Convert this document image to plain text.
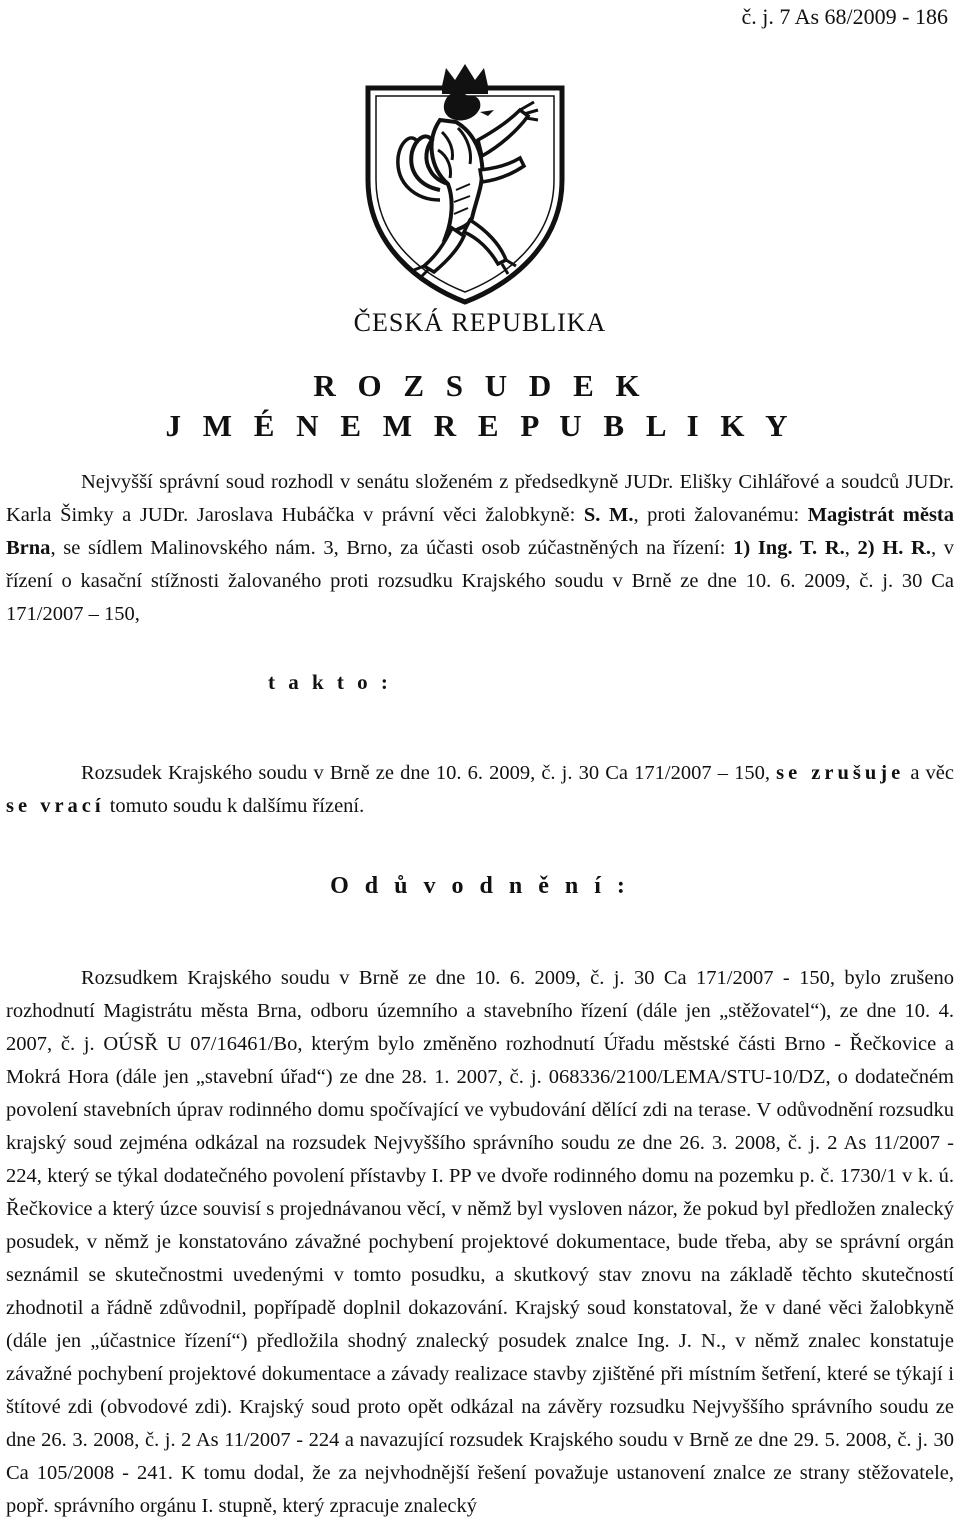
č. j. 7 As 68/2009 - 186
ČESKÁ REPUBLIKA
R O Z S U D E K
J M É N E M R E P U B L I K Y
Nejvyšší správní soud rozhodl v senátu složeném z předsedkyně JUDr. Elišky Cihlářové a soudců JUDr. Karla Šimky a JUDr. Jaroslava Hubáčka v právní věci žalobkyně: S. M., proti žalovanému: Magistrát města Brna, se sídlem Malinovského nám. 3, Brno, za účasti osob zúčastněných na řízení: 1) Ing. T. R., 2) H. R., v řízení o kasační stížnosti žalovaného proti rozsudku Krajského soudu v Brně ze dne 10. 6. 2009, č. j. 30 Ca 171/2007 – 150,
t a k t o :
Rozsudek Krajského soudu v Brně ze dne 10. 6. 2009, č. j. 30 Ca 171/2007 – 150, se zrušuje a věc se vrací tomuto soudu k dalšímu řízení.
O d ů v o d n ě n í :
Rozsudkem Krajského soudu v Brně ze dne 10. 6. 2009, č. j. 30 Ca 171/2007 - 150, bylo zrušeno rozhodnutí Magistrátu města Brna, odboru územního a stavebního řízení (dále jen „stěžovatel“), ze dne 10. 4. 2007, č. j. OÚSŘ U 07/16461/Bo, kterým bylo změněno rozhodnutí Úřadu městské části Brno - Řečkovice a Mokrá Hora (dále jen „stavební úřad“) ze dne 28. 1. 2007, č. j. 068336/2100/LEMA/STU-10/DZ, o dodatečném povolení stavebních úprav rodinného domu spočívající ve vybudování dělící zdi na terase. V odůvodnění rozsudku krajský soud zejména odkázal na rozsudek Nejvyššího správního soudu ze dne 26. 3. 2008, č. j. 2 As 11/2007 - 224, který se týkal dodatečného povolení přístavby I. PP ve dvoře rodinného domu na pozemku p. č. 1730/1 v k. ú. Řečkovice a který úzce souvisí s projednávanou věcí, v němž byl vysloven názor, že pokud byl předložen znalecký posudek, v němž je konstatováno závažné pochybení projektové dokumentace, bude třeba, aby se správní orgán seznámil se skutečnostmi uvedenými v tomto posudku, a skutkový stav znovu na základě těchto skutečností zhodnotil a řádně zdůvodnil, popřípadě doplnil dokazování. Krajský soud konstatoval, že v dané věci žalobkyně (dále jen „účastnice řízení“) předložila shodný znalecký posudek znalce Ing. J. N., v němž znalec konstatuje závažné pochybení projektové dokumentace a závady realizace stavby zjištěné při místním šetření, které se týkají i štítové zdi (obvodové zdi). Krajský soud proto opět odkázal na závěry rozsudku Nejvyššího správního soudu ze dne 26. 3. 2008, č. j. 2 As 11/2007 - 224 a navazující rozsudek Krajského soudu v Brně ze dne 29. 5. 2008, č. j. 30 Ca 105/2008 - 241. K tomu dodal, že za nejvhodnější řešení považuje ustanovení znalce ze strany stěžovatele, popř. správního orgánu I. stupně, který zpracuje znalecký
